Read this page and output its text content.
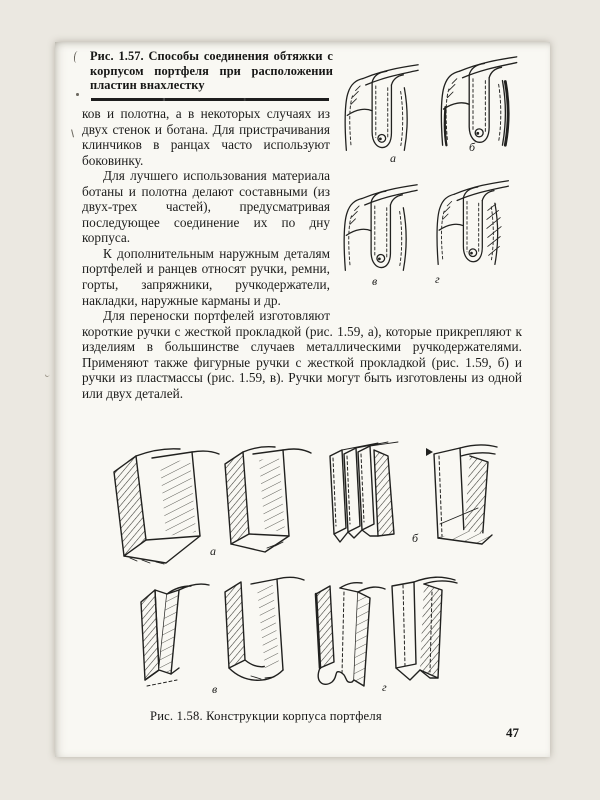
Рис. 1.57. Способы соединения обтяжки с корпусом портфеля при расположении пластин внахлестку
а
б
в	г

ков и полотна, а в некоторых случаях из двух стенок и ботана. Для пристрачивания клинчиков в ранцах часто используют боковинку.

Для лучшего использования материала ботаны и полотна делают составными (из двух-трех частей), предусматривая последующее соединение их по дну корпуса.

К дополнительным наружным деталям портфелей и ранцев относят ручки, ремни, горты, запряжники, ручкодержатели, накладки, наружные карманы и др.

Для переноски портфелей изготовляют короткие ручки с жесткой прокладкой (рис. 1.59, а), которые прикрепляют к изделиям в большинстве случаев металлическими ручкодержателями. Применяют также фигурные ручки с жесткой прокладкой (рис. 1.59, б) и ручки из пластмассы (рис. 1.59, в). Ручки могут быть изготовлены из одной или двух деталей.

а
б
в	г
Рис. 1.58. Конструкции корпуса портфеля
47
